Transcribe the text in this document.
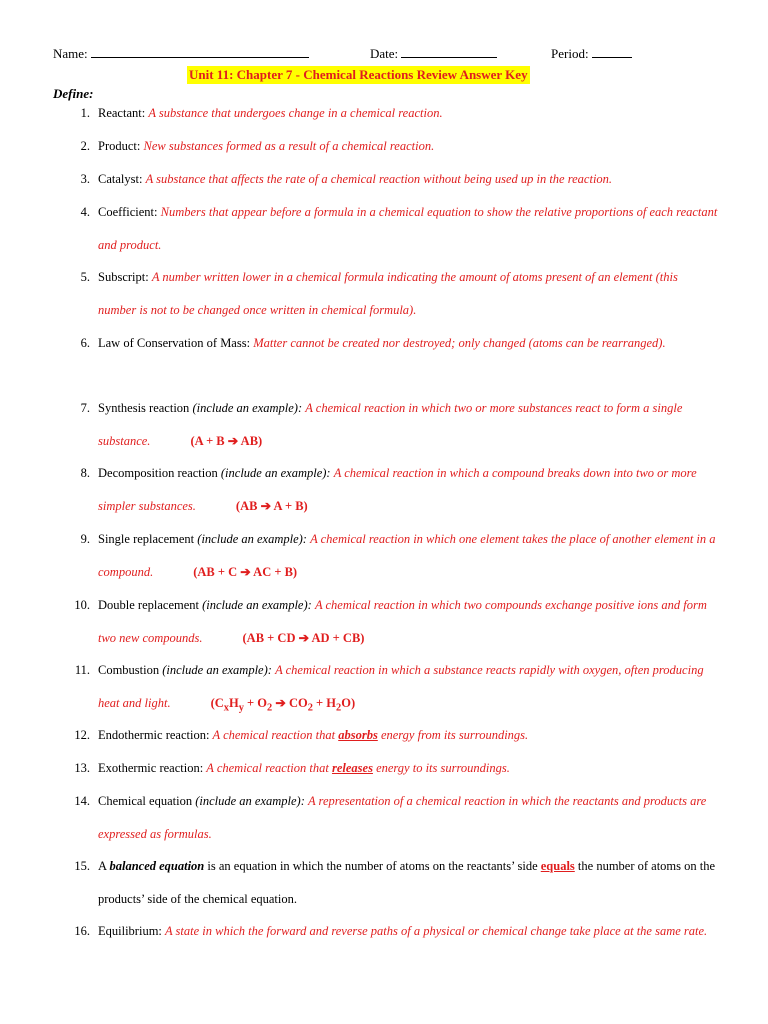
Name:	Date:	Period:
Unit 11: Chapter 7 - Chemical Reactions Review Answer Key
Define:
1. Reactant: A substance that undergoes change in a chemical reaction.
2. Product: New substances formed as a result of a chemical reaction.
3. Catalyst: A substance that affects the rate of a chemical reaction without being used up in the reaction.
4. Coefficient: Numbers that appear before a formula in a chemical equation to show the relative proportions of each reactant and product.
5. Subscript: A number written lower in a chemical formula indicating the amount of atoms present of an element (this number is not to be changed once written in chemical formula).
6. Law of Conservation of Mass: Matter cannot be created nor destroyed; only changed (atoms can be rearranged).
7. Synthesis reaction (include an example): A chemical reaction in which two or more substances react to form a single substance.	(A + B ➔ AB)
8. Decomposition reaction (include an example): A chemical reaction in which a compound breaks down into two or more simpler substances.	(AB ➔ A + B)
9. Single replacement (include an example): A chemical reaction in which one element takes the place of another element in a compound.	(AB + C ➔ AC + B)
10. Double replacement (include an example): A chemical reaction in which two compounds exchange positive ions and form two new compounds.	(AB + CD ➔ AD + CB)
11. Combustion (include an example): A chemical reaction in which a substance reacts rapidly with oxygen, often producing heat and light.	($C_xH_y + O_2$ ➔ $CO_2 + H_2O$)
12. Endothermic reaction: A chemical reaction that absorbs energy from its surroundings.
13. Exothermic reaction: A chemical reaction that releases energy to its surroundings.
14. Chemical equation (include an example): A representation of a chemical reaction in which the reactants and products are expressed as formulas.
15. A balanced equation is an equation in which the number of atoms on the reactants’ side equals the number of atoms on the products’ side of the chemical equation.
16. Equilibrium: A state in which the forward and reverse paths of a physical or chemical change take place at the same rate.
